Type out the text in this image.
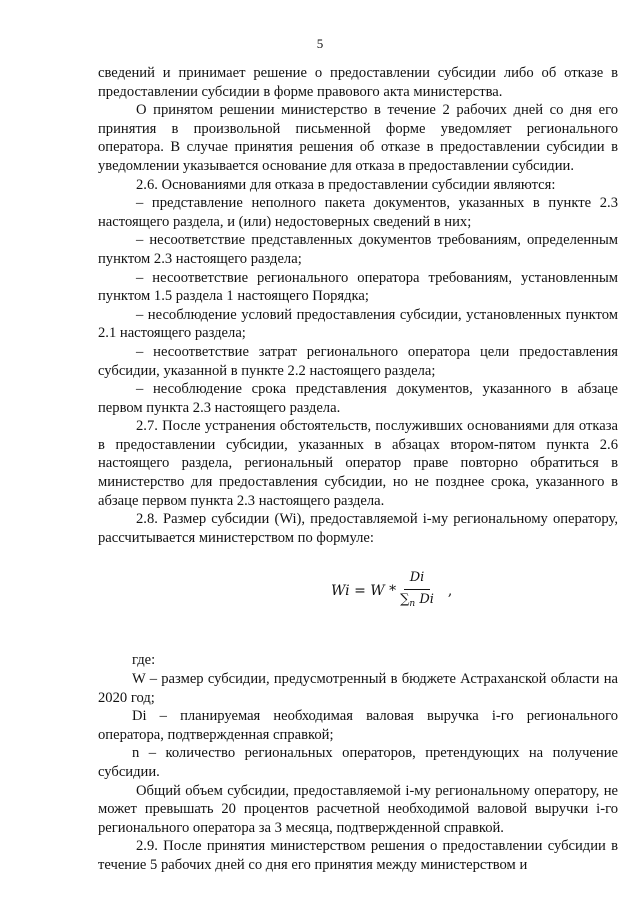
5

сведений и принимает решение о предоставлении субсидии либо об отказе в предоставлении субсидии в форме правового акта министерства.

О принятом решении министерство в течение 2 рабочих дней со дня его принятия в произвольной письменной форме уведомляет регионального оператора. В случае принятия решения об отказе в предоставлении субсидии в уведомлении указывается основание для отказа в предоставлении субсидии.

2.6. Основаниями для отказа в предоставлении субсидии являются:

– представление неполного пакета документов, указанных в пункте 2.3 настоящего раздела, и (или) недостоверных сведений в них;

– несоответствие представленных документов требованиям, определенным пунктом 2.3 настоящего раздела;

– несоответствие регионального оператора требованиям, установленным пунктом 1.5 раздела 1 настоящего Порядка;

– несоблюдение условий предоставления субсидии, установленных пунктом 2.1 настоящего раздела;

– несоответствие затрат регионального оператора цели предоставления субсидии, указанной в пункте 2.2 настоящего раздела;

– несоблюдение срока представления документов, указанного в абзаце первом пункта 2.3 настоящего раздела.

2.7. После устранения обстоятельств, послуживших основаниями для отказа в предоставлении субсидии, указанных в абзацах втором-пятом пункта 2.6 настоящего раздела, региональный оператор праве повторно обратиться в министерство для предоставления субсидии, но не позднее срока, указанного в абзаце первом пункта 2.3 настоящего раздела.

2.8. Размер субсидии (Wi), предоставляемой i-му региональному оператору, рассчитывается министерством по формуле:

$Wi = W * \frac{Di}{\sum_n Di}$ ,

где:

W – размер субсидии, предусмотренный в бюджете Астраханской области на 2020 год;

Di – планируемая необходимая валовая выручка i-го регионального оператора, подтвержденная справкой;

n – количество региональных операторов, претендующих на получение субсидии.

Общий объем субсидии, предоставляемой i-му региональному оператору, не может превышать 20 процентов расчетной необходимой валовой выручки i-го регионального оператора за 3 месяца, подтвержденной справкой.

2.9. После принятия министерством решения о предоставлении субсидии в течение 5 рабочих дней со дня его принятия между министерством и
